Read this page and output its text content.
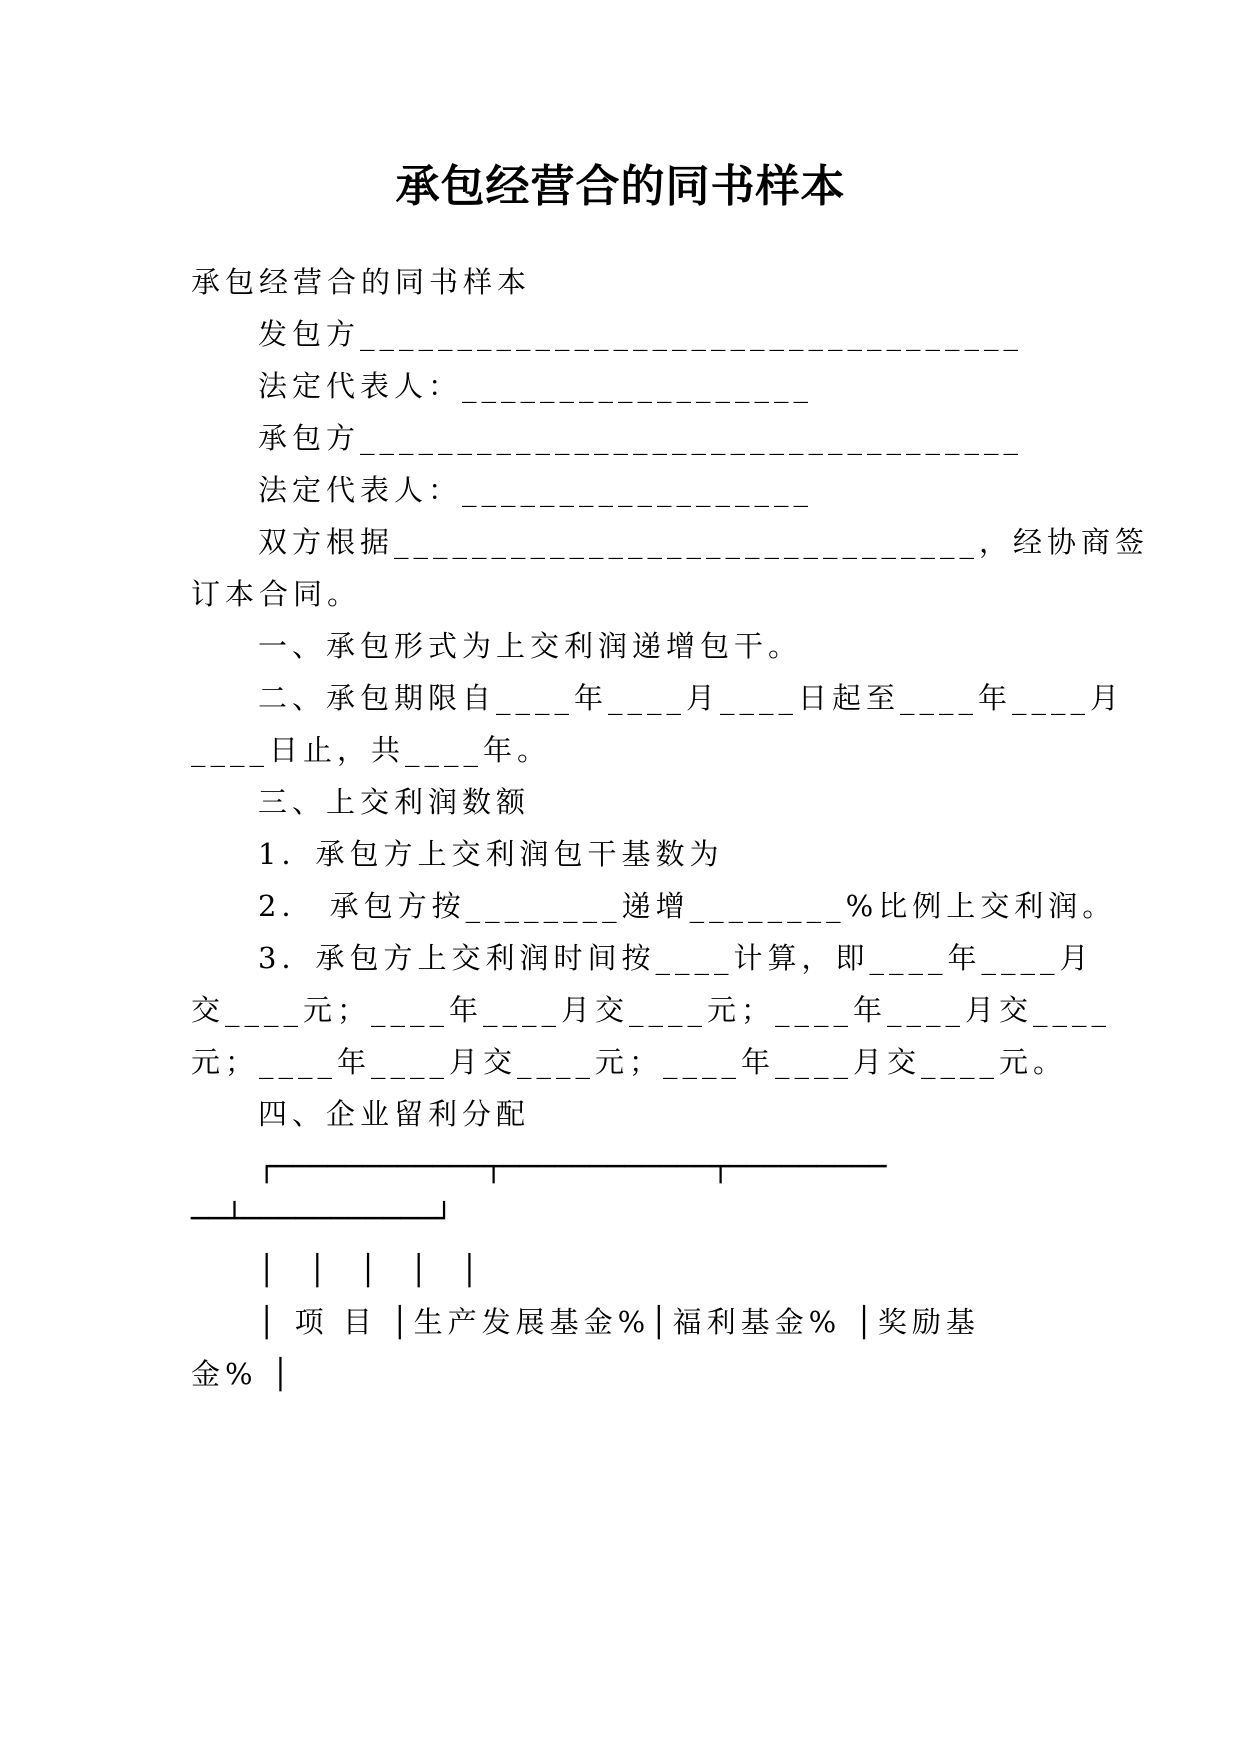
承包经营合的同书样本
承包经营合的同书样本
发包方__________________________________
法定代表人：__________________
承包方__________________________________
法定代表人：__________________
双方根据______________________________，经协商签
订本合同。
一、承包形式为上交利润递增包干。
二、承包期限自____年____月____日起至____年____月
____日止，共____年。
三、上交利润数额
1．承包方上交利润包干基数为
2． 承包方按________递增________%比例上交利润。
3．承包方上交利润时间按____计算，即____年____月
交____元；____年____月交____元；____年____月交____
元；____年____月交____元；____年____月交____元。
四、企业留利分配
┌────────────┬────────────┬─────────
──┴───────────┘
│ │ │ │ │
│ 项 目 │生产发展基金%│福利基金% │奖励基
金% │
